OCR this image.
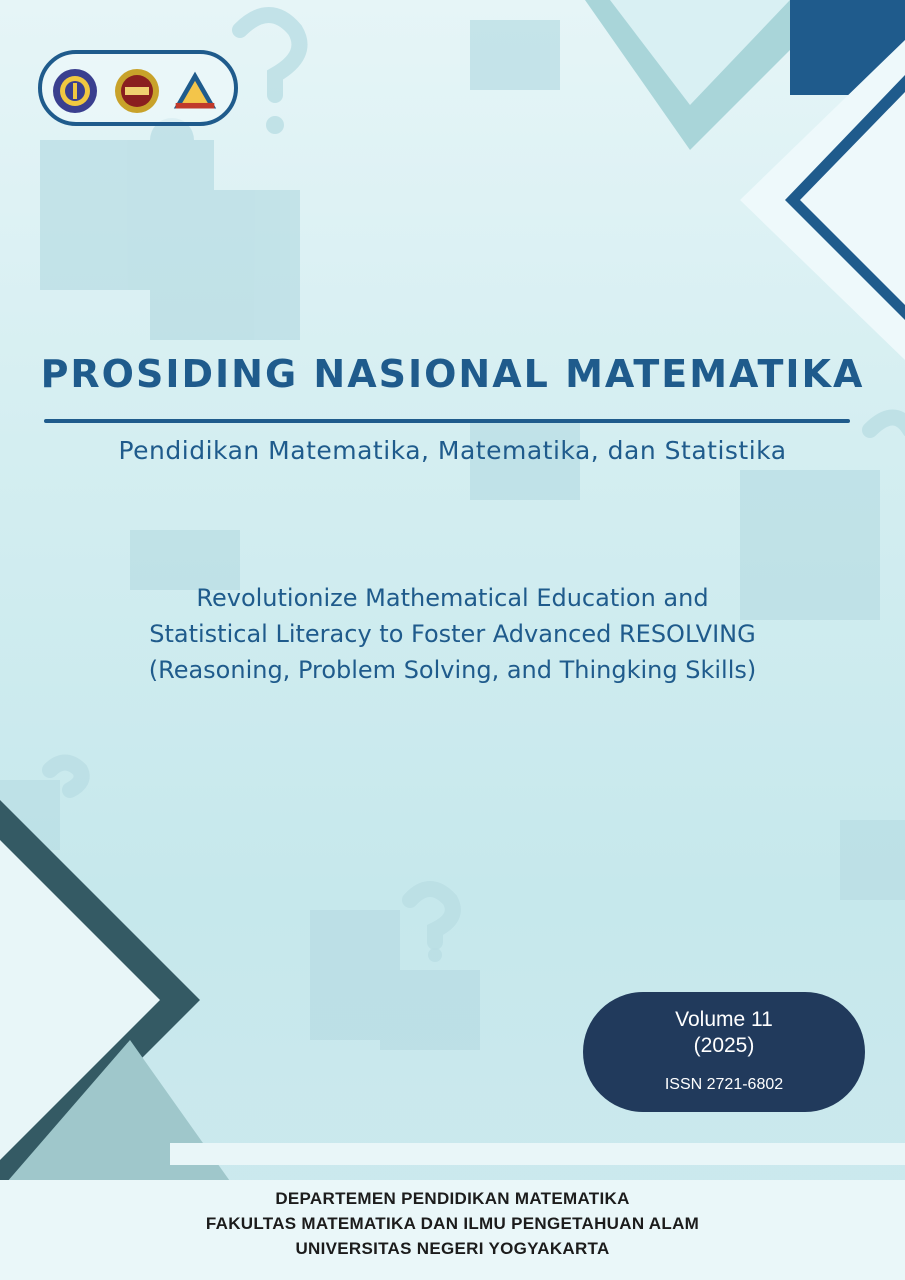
PROSIDING NASIONAL MATEMATIKA
Pendidikan Matematika, Matematika, dan Statistika
Revolutionize Mathematical Education and
Statistical Literacy to Foster Advanced RESOLVING
(Reasoning, Problem Solving, and Thingking Skills)
Volume 11
(2025)
ISSN 2721-6802
DEPARTEMEN PENDIDIKAN MATEMATIKA
FAKULTAS MATEMATIKA DAN ILMU PENGETAHUAN ALAM
UNIVERSITAS NEGERI YOGYAKARTA
